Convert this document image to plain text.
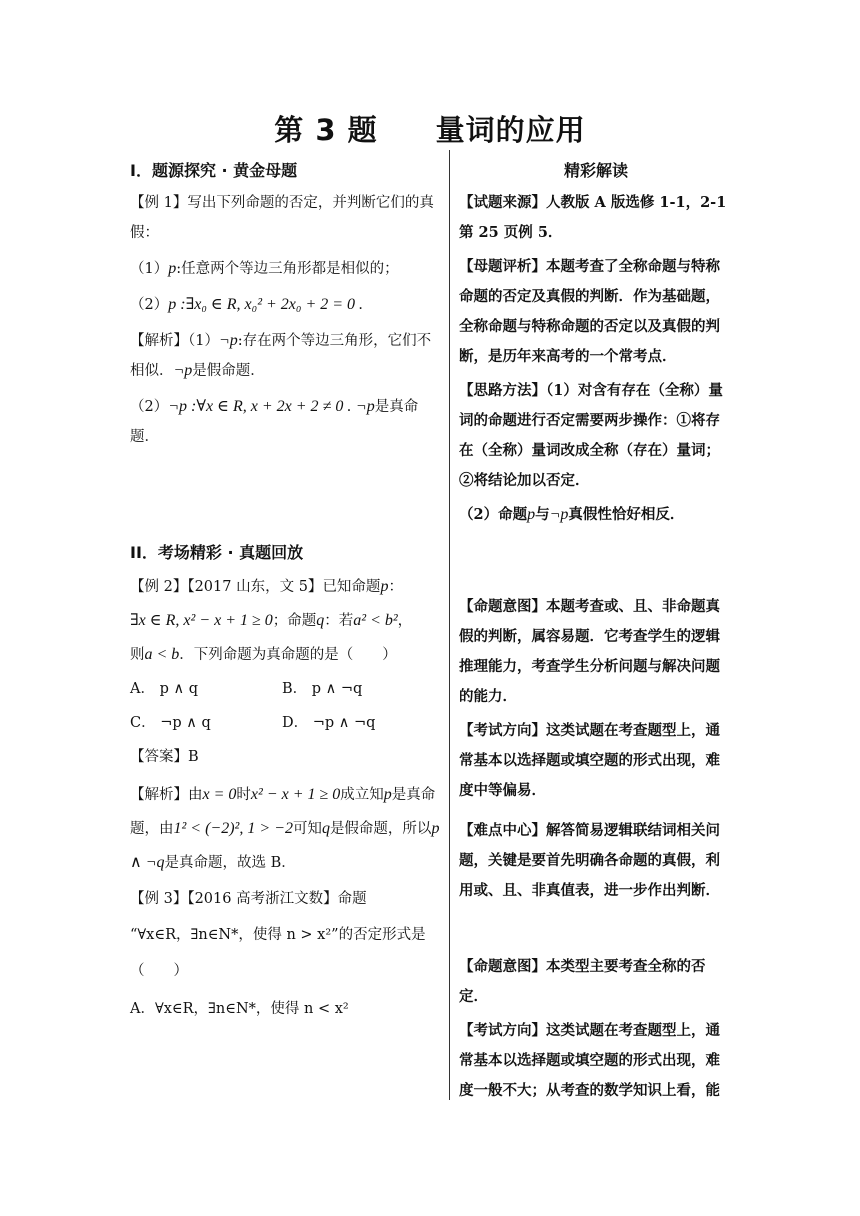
第 3 题 量词的应用
I．题源探究 · 黄金母题
【例 1】写出下列命题的否定，并判断它们的真假：
（1）p:任意两个等边三角形都是相似的；
（2）p :∃x₀ ∈ R, x₀² + 2x₀ + 2 = 0 .
【解析】（1）¬p:存在两个等边三角形，它们不相似．¬p是假命题．
（2）¬p :∀x ∈ R, x + 2x + 2 ≠ 0 . ¬p是真命题．
II．考场精彩 · 真题回放
【例 2】【2017 山东，文 5】已知命题p：
∃x ∈ R, x² − x + 1 ≥ 0；命题q：若a² < b²，
则a < b．下列命题为真命题的是（　　）
A． p ∧ q	B． p ∧ ¬q
C． ¬p ∧ q	D． ¬p ∧ ¬q
【答案】B
【解析】由x = 0时x² − x + 1 ≥ 0成立知p是真命题，由1² < (−2)², 1 > −2可知q是假命题，所以p ∧ ¬q是真命题，故选 B．
【例 3】【2016 高考浙江文数】命题
“∀x∈R，∃n∈N*，使得 n > x²”的否定形式是
（　　）
A．∀x∈R，∃n∈N*，使得 n < x²
精彩解读
【试题来源】人教版 A 版选修 1-1，2-1 第 25 页例 5．
【母题评析】本题考查了全称命题与特称命题的否定及真假的判断．作为基础题，全称命题与特称命题的否定以及真假的判断，是历年来高考的一个常考点．
【思路方法】（1）对含有存在（全称）量词的命题进行否定需要两步操作：①将存在（全称）量词改成全称（存在）量词；②将结论加以否定．
（2）命题p与¬p真假性恰好相反．
【命题意图】本题考查或、且、非命题真假的判断，属容易题．它考查学生的逻辑推理能力，考查学生分析问题与解决问题的能力．
【考试方向】这类试题在考查题型上，通常基本以选择题或填空题的形式出现，难度中等偏易．
【难点中心】解答简易逻辑联结词相关问题，关键是要首先明确各命题的真假，利用或、且、非真值表，进一步作出判断．
【命题意图】本类型主要考查全称的否定．
【考试方向】这类试题在考查题型上，通常基本以选择题或填空题的形式出现，难度一般不大；从考查的数学知识上看，能
